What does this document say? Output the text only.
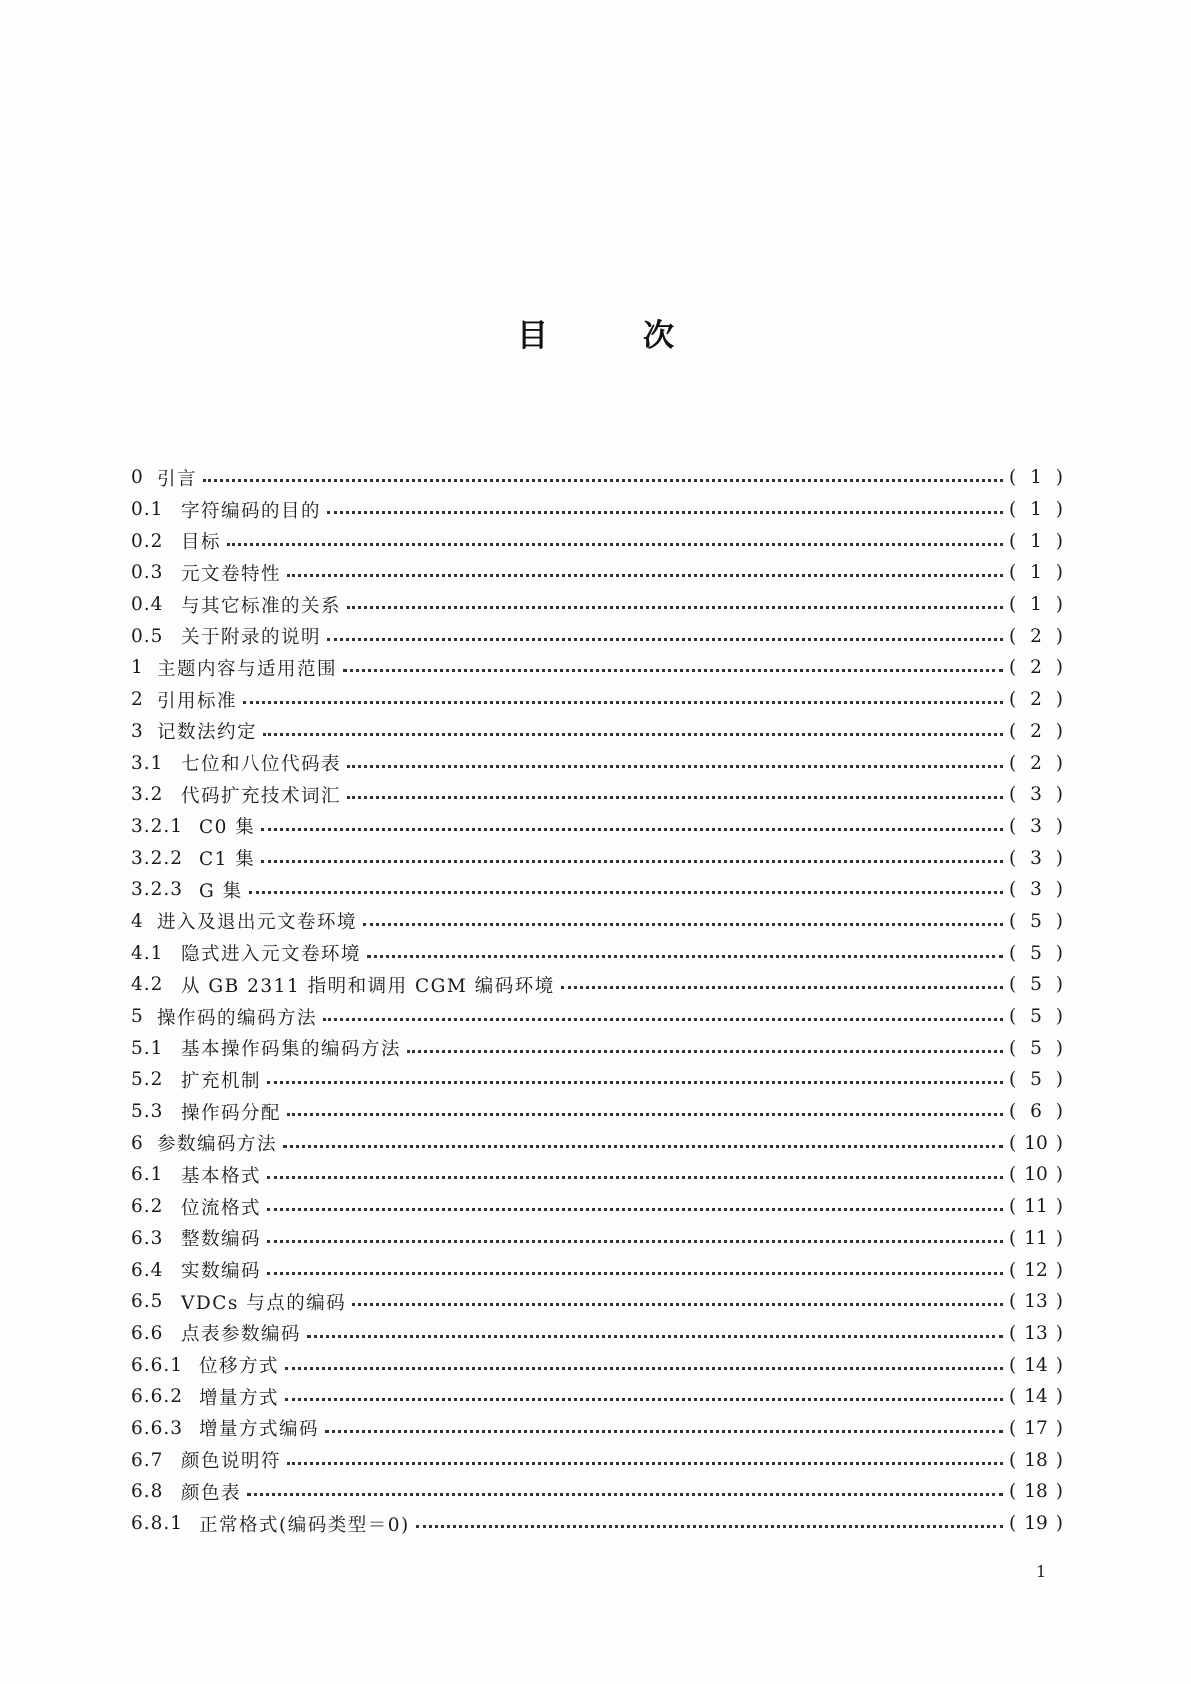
目	次
0 引言	( 1 )
0.1 字符编码的目的	( 1 )
0.2 目标	( 1 )
0.3 元文卷特性	( 1 )
0.4 与其它标准的关系	( 1 )
0.5 关于附录的说明	( 2 )
1 主题内容与适用范围	( 2 )
2 引用标准	( 2 )
3 记数法约定	( 2 )
3.1 七位和八位代码表	( 2 )
3.2 代码扩充技术词汇	( 3 )
3.2.1 C0 集	( 3 )
3.2.2 C1 集	( 3 )
3.2.3 G 集	( 3 )
4 进入及退出元文卷环境	( 5 )
4.1 隐式进入元文卷环境	( 5 )
4.2 从 GB 2311 指明和调用 CGM 编码环境	( 5 )
5 操作码的编码方法	( 5 )
5.1 基本操作码集的编码方法	( 5 )
5.2 扩充机制	( 5 )
5.3 操作码分配	( 6 )
6 参数编码方法	( 10 )
6.1 基本格式	( 10 )
6.2 位流格式	( 11 )
6.3 整数编码	( 11 )
6.4 实数编码	( 12 )
6.5 VDCs 与点的编码	( 13 )
6.6 点表参数编码	( 13 )
6.6.1 位移方式	( 14 )
6.6.2 增量方式	( 14 )
6.6.3 增量方式编码	( 17 )
6.7 颜色说明符	( 18 )
6.8 颜色表	( 18 )
6.8.1 正常格式(编码类型＝0)	( 19 )
1
